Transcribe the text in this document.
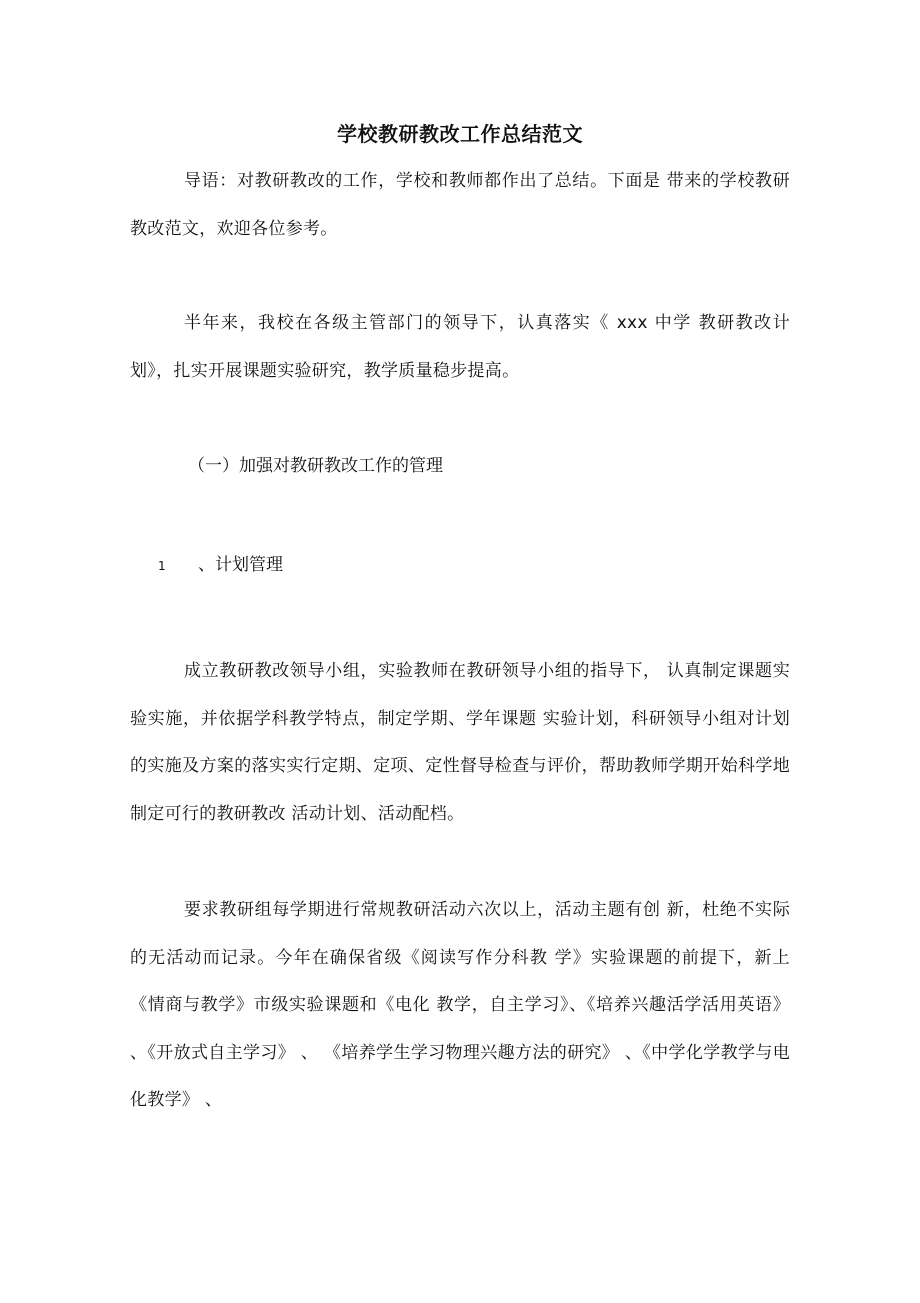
学校教研教改工作总结范文

导语：对教研教改的工作，学校和教师都作出了总结。下面是 带来的学校教研教改范文，欢迎各位参考。

半年来，我校在各级主管部门的领导下，认真落实《 xxx 中学 教研教改计划》，扎实开展课题实验研究，教学质量稳步提高。

（一）加强对教研教改工作的管理

1 、计划管理

成立教研教改领导小组，实验教师在教研领导小组的指导下， 认真制定课题实验实施，并依据学科教学特点，制定学期、学年课题 实验计划，科研领导小组对计划的实施及方案的落实实行定期、定项、定性督导检查与评价，帮助教师学期开始科学地制定可行的教研教改 活动计划、活动配档。

要求教研组每学期进行常规教研活动六次以上，活动主题有创 新，杜绝不实际的无活动而记录。今年在确保省级《阅读写作分科教 学》实验课题的前提下，新上《情商与教学》市级实验课题和《电化 教学，自主学习》、《培养兴趣活学活用英语》 、《开放式自主学习》 、 《培养学生学习物理兴趣方法的研究》 、《中学化学教学与电化教学》 、
